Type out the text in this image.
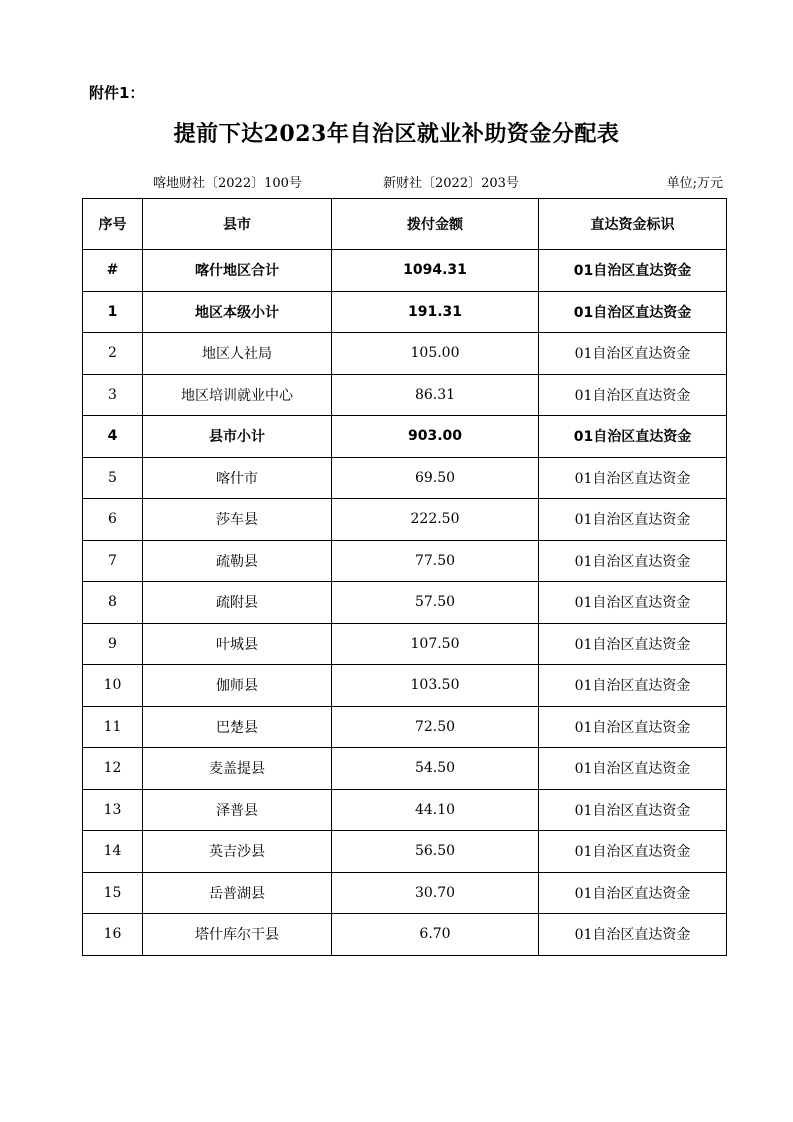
附件1：
提前下达2023年自治区就业补助资金分配表
喀地财社〔2022〕100号	新财社〔2022〕203号	单位;万元
序号	县市	拨付金额	直达资金标识
#	喀什地区合计	1094.31	01自治区直达资金
1	地区本级小计	191.31	01自治区直达资金
2	地区人社局	105.00	01自治区直达资金
3	地区培训就业中心	86.31	01自治区直达资金
4	县市小计	903.00	01自治区直达资金
5	喀什市	69.50	01自治区直达资金
6	莎车县	222.50	01自治区直达资金
7	疏勒县	77.50	01自治区直达资金
8	疏附县	57.50	01自治区直达资金
9	叶城县	107.50	01自治区直达资金
10	伽师县	103.50	01自治区直达资金
11	巴楚县	72.50	01自治区直达资金
12	麦盖提县	54.50	01自治区直达资金
13	泽普县	44.10	01自治区直达资金
14	英吉沙县	56.50	01自治区直达资金
15	岳普湖县	30.70	01自治区直达资金
16	塔什库尔干县	6.70	01自治区直达资金
